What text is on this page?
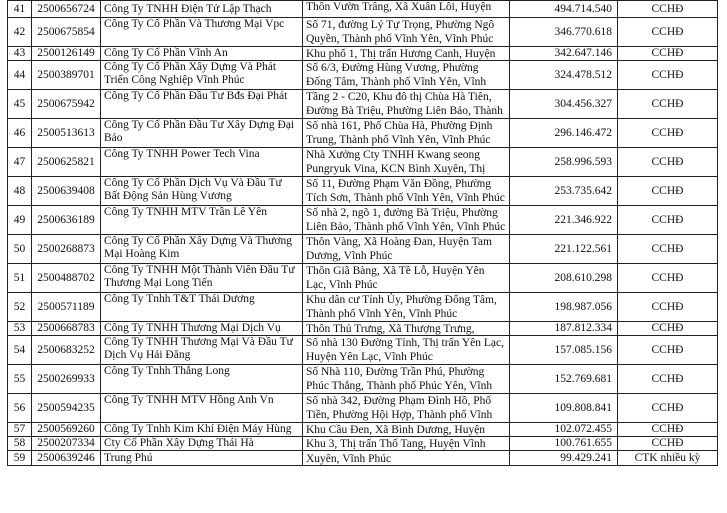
41	2500656724	Công Ty TNHH Điện Tử Lập Thạch	Thôn Vườn Trâng, Xã Xuân Lôi, Huyện	494.714.540	CCHĐ

42	2500675854	Công Ty Cổ Phần Và Thương Mại Vpc	Số 71, đường Lý Tự Trọng, Phường Ngô Quyền, Thành phố Vĩnh Yên, Vĩnh Phúc	346.770.618	CCHĐ

43	2500126149	Công Ty Cổ Phần Vĩnh An	Khu phố 1, Thị trấn Hương Canh, Huyện	342.647.146	CCHĐ

44	2500389701	Công Ty Cổ Phần Xây Dựng Và Phát Triển Công Nghiệp Vĩnh Phúc	Số 6/3, Đường Hùng Vương, Phường Đống Tâm, Thành phố Vĩnh Yên, Vĩnh	324.478.512	CCHĐ

45	2500675942	Công Ty Cổ Phần Đầu Tư Bđs Đại Phát	Tầng 2 - C20, Khu đô thị Chùa Hà Tiên, Đường Bà Triệu, Phường Liên Bảo, Thành	304.456.327	CCHĐ

46	2500513613	Công Ty Cổ Phần Đầu Tư Xây Dựng Đại Bảo	Số nhà 161, Phố Chùa Hà, Phường Định Trung, Thành phố Vĩnh Yên, Vĩnh Phúc	296.146.472	CCHĐ

47	2500625821	Công Ty TNHH Power Tech Vina	Nhà Xưởng Cty TNHH Kwang seong Pungryuk Vina, KCN Bình Xuyên, Thị	258.996.593	CCHĐ

48	2500639408	Công Ty Cổ Phần Dịch Vụ Và Đầu Tư Bất Động Sản Hùng Vương	Số 11, Đường Phạm Văn Đồng, Phường Tích Sơn, Thành phố Vĩnh Yên, Vĩnh Phúc	253.735.642	CCHĐ

49	2500636189	Công Ty TNHH MTV Trần Lê Yên	Số nhà 2, ngõ 1, đường Bà Triệu, Phường Liên Bảo, Thành phố Vĩnh Yên, Vĩnh Phúc	221.346.922	CCHĐ

50	2500268873	Công Ty Cổ Phần Xây Dựng Và Thương Mại Hoàng Kim	Thôn Vàng, Xã Hoàng Đan, Huyện Tam Dương, Vĩnh Phúc	221.122.561	CCHĐ

51	2500488702	Công Ty TNHH Một Thành Viên Đầu Tư Thương Mại Long Tiến	Thôn Giã Bàng, Xã Tề Lỗ, Huyện Yên Lạc, Vĩnh Phúc	208.610.298	CCHĐ

52	2500571189	Công Ty Tnhh T&T Thái Dương	Khu dân cư Tỉnh Ủy, Phường Đống Tâm, Thành phố Vĩnh Yên, Vĩnh Phúc	198.987.056	CCHĐ

53	2500668783	Công Ty TNHH Thương Mại Dịch Vụ	Thôn Thủ Trưng, Xã Thượng Trưng,	187.812.334	CCHĐ

54	2500683252	Công Ty TNHH Thương Mại Và Đầu Tư Dịch Vụ Hải Đăng	Số nhà 130 Đường Tỉnh, Thị trấn Yên Lạc, Huyện Yên Lạc, Vĩnh Phúc	157.085.156	CCHĐ

55	2500269933	Công Ty Tnhh Thắng Long	Số Nhà 110, Đường Trần Phú, Phường Phúc Thắng, Thành phố Phúc Yên, Vĩnh	152.769.681	CCHĐ

56	2500594235	Công Ty TNHH MTV Hồng Anh Vn	Số nhà 342, Đường Phạm Đình Hồ, Phố Tiền, Phường Hội Hợp, Thành phố Vĩnh	109.808.841	CCHĐ

57	2500569260	Công Ty Tnhh Kim Khí Điện Máy Hùng	Khu Cầu Đen, Xã Bình Dương, Huyện	102.072.455	CCHĐ

58	2500207334	Cty Cổ Phần Xây Dựng Thái Hà	Khu 3, Thị trấn Thổ Tang, Huyện Vĩnh	100.761.655	CCHĐ

59	2500639246	Trung Phú	Xuyên, Vĩnh Phúc	99.429.241	CTK nhiều kỳ
